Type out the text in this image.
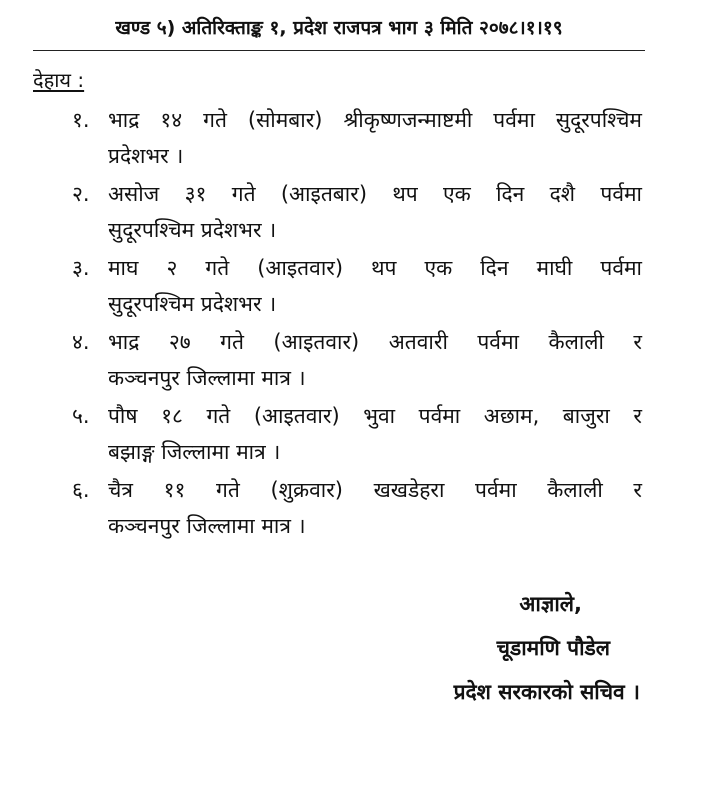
खण्ड ५) अतिरिक्ताङ्क १, प्रदेश राजपत्र भाग ३ मिति २०७८।१।१९
देहाय :
१. भाद्र १४ गते (सोमबार) श्रीकृष्णजन्माष्टमी पर्वमा सुदूरपश्चिम
प्रदेशभर ।
२. असोज ३१ गते (आइतबार) थप एक दिन दशै पर्वमा
सुदूरपश्चिम प्रदेशभर ।
३. माघ २ गते (आइतवार) थप एक दिन माघी पर्वमा
सुदूरपश्चिम प्रदेशभर ।
४. भाद्र २७ गते (आइतवार) अतवारी पर्वमा कैलाली र
कञ्चनपुर जिल्लामा मात्र ।
५. पौष १८ गते (आइतवार) भुवा पर्वमा अछाम, बाजुरा र
बझाङ्ग जिल्लामा मात्र ।
६. चैत्र ११ गते (शुक्रवार) खखडेहरा पर्वमा कैलाली र
कञ्चनपुर जिल्लामा मात्र ।
आज्ञाले,
चूडामणि पौडेल
प्रदेश सरकारको सचिव ।
